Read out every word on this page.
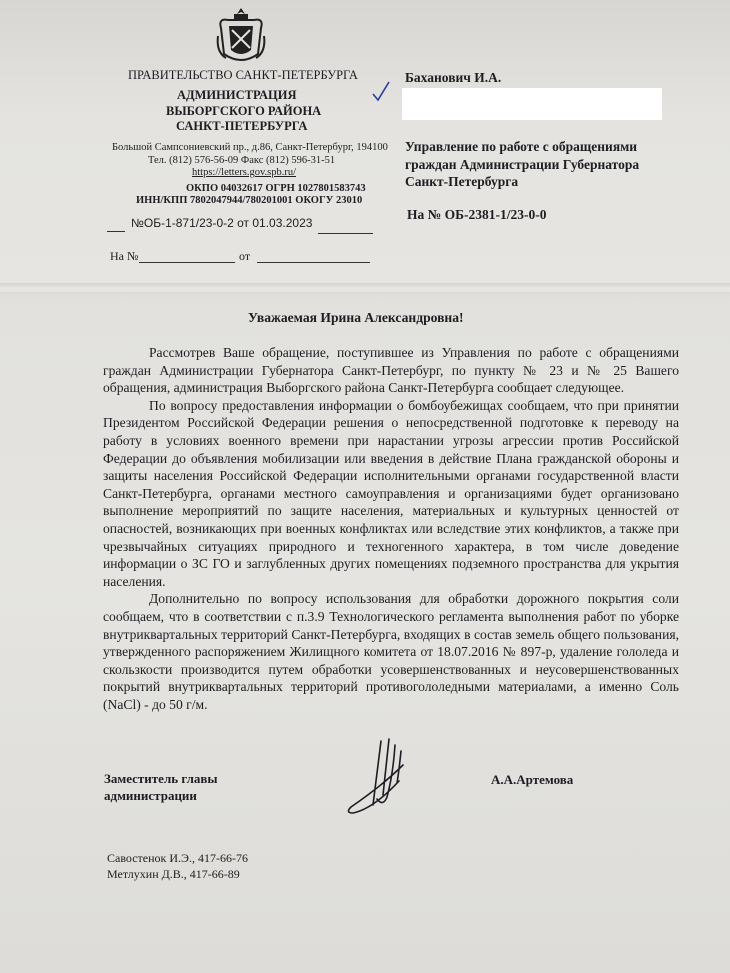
ПРАВИТЕЛЬСТВО САНКТ-ПЕТЕРБУРГА
АДМИНИСТРАЦИЯ
ВЫБОРГСКОГО РАЙОНА
САНКТ-ПЕТЕРБУРГА
Большой Сампсониевский пр., д.86, Санкт-Петербург, 194100
Тел. (812) 576-56-09 Факс (812) 596-31-51
https://letters.gov.spb.ru/
ОКПО 04032617 ОГРН 1027801583743
ИНН/КПП 7802047944/780201001 ОКОГУ 23010
№ОБ-1-871/23-0-2 от 01.03.2023
На №	от
Баханович И.А.
Управление по работе с обращениями граждан Администрации Губернатора Санкт-Петербурга
На № ОБ-2381-1/23-0-0
Уважаемая Ирина Александровна!

Рассмотрев Ваше обращение, поступившее из Управления по работе с обращениями граждан Администрации Губернатора Санкт-Петербург, по пункту № 23 и № 25 Вашего обращения, администрация Выборгского района Санкт-Петербурга сообщает следующее.

По вопросу предоставления информации о бомбоубежищах сообщаем, что при принятии Президентом Российской Федерации решения о непосредственной подготовке к переводу на работу в условиях военного времени при нарастании угрозы агрессии против Российской Федерации до объявления мобилизации или введения в действие Плана гражданской обороны и защиты населения Российской Федерации исполнительными органами государственной власти Санкт-Петербурга, органами местного самоуправления и организациями будет организовано выполнение мероприятий по защите населения, материальных и культурных ценностей от опасностей, возникающих при военных конфликтах или вследствие этих конфликтов, а также при чрезвычайных ситуациях природного и техногенного характера, в том числе доведение информации о ЗС ГО и заглубленных других помещениях подземного пространства для укрытия населения.

Дополнительно по вопросу использования для обработки дорожного покрытия соли сообщаем, что в соответствии с п.3.9 Технологического регламента выполнения работ по уборке внутриквартальных территорий Санкт-Петербурга, входящих в состав земель общего пользования, утвержденного распоряжением Жилищного комитета от 18.07.2016 № 897-р, удаление гололеда и скользкости производится путем обработки усовершенствованных и неусовершенствованных покрытий внутриквартальных территорий противогололедными материалами, а именно Соль (NaCl) - до 50 г/м.

Заместитель главы
администрации
А.А.Артемова
Савостенок И.Э., 417-66-76
Метлухин Д.В., 417-66-89
